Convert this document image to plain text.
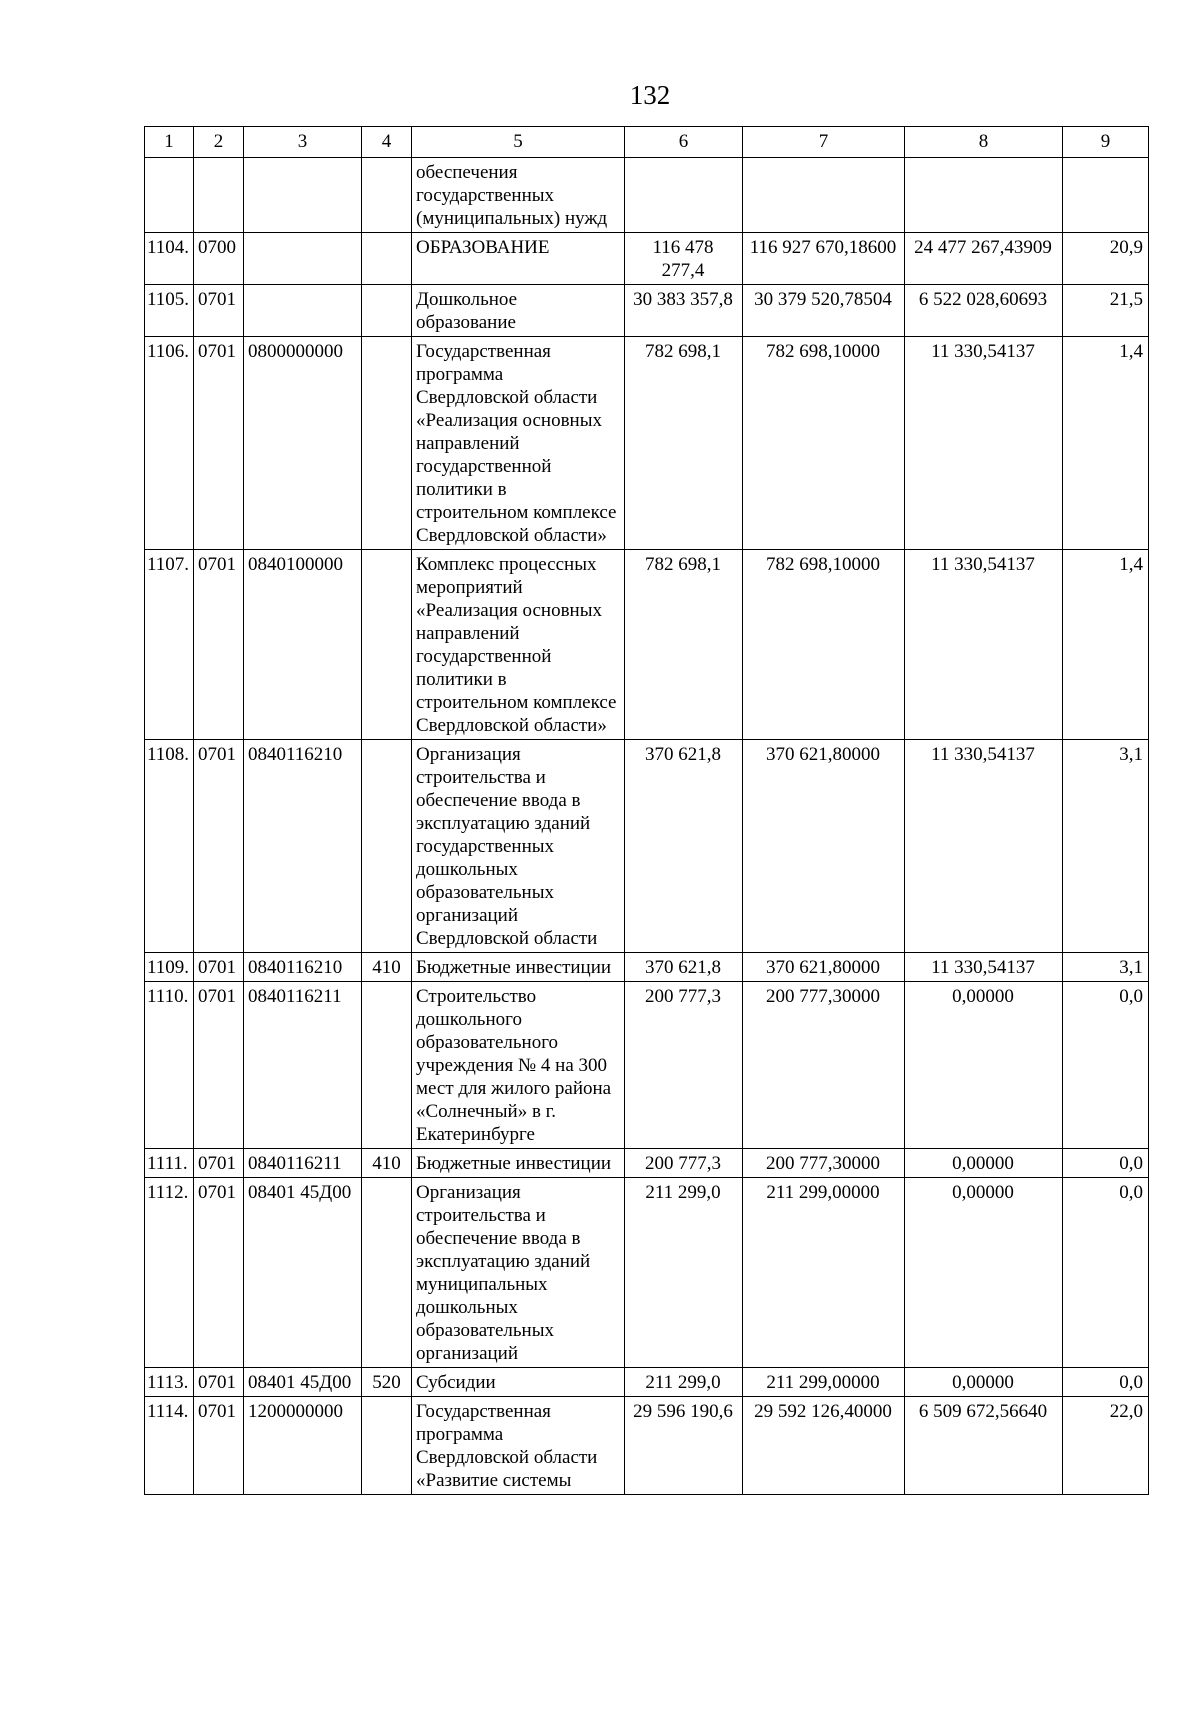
132
1	2	3	4	5	6	7	8	9
				обеспечения государственных (муниципальных) нужд				
1104.	0700			ОБРАЗОВАНИЕ	116 478 277,4	116 927 670,18600	24 477 267,43909	20,9
1105.	0701			Дошкольное образование	30 383 357,8	30 379 520,78504	6 522 028,60693	21,5
1106.	0701	0800000000		Государственная программа Свердловской области «Реализация основных направлений государственной политики в строительном комплексе Свердловской области»	782 698,1	782 698,10000	11 330,54137	1,4
1107.	0701	0840100000		Комплекс процессных мероприятий «Реализация основных направлений государственной политики в строительном комплексе Свердловской области»	782 698,1	782 698,10000	11 330,54137	1,4
1108.	0701	0840116210		Организация строительства и обеспечение ввода в эксплуатацию зданий государственных дошкольных образовательных организаций Свердловской области	370 621,8	370 621,80000	11 330,54137	3,1
1109.	0701	0840116210	410	Бюджетные инвестиции	370 621,8	370 621,80000	11 330,54137	3,1
1110.	0701	0840116211		Строительство дошкольного образовательного учреждения № 4 на 300 мест для жилого района «Солнечный» в г. Екатеринбурге	200 777,3	200 777,30000	0,00000	0,0
1111.	0701	0840116211	410	Бюджетные инвестиции	200 777,3	200 777,30000	0,00000	0,0
1112.	0701	08401 45Д00		Организация строительства и обеспечение ввода в эксплуатацию зданий муниципальных дошкольных образовательных организаций	211 299,0	211 299,00000	0,00000	0,0
1113.	0701	08401 45Д00	520	Субсидии	211 299,0	211 299,00000	0,00000	0,0
1114.	0701	1200000000		Государственная программа Свердловской области «Развитие системы	29 596 190,6	29 592 126,40000	6 509 672,56640	22,0
